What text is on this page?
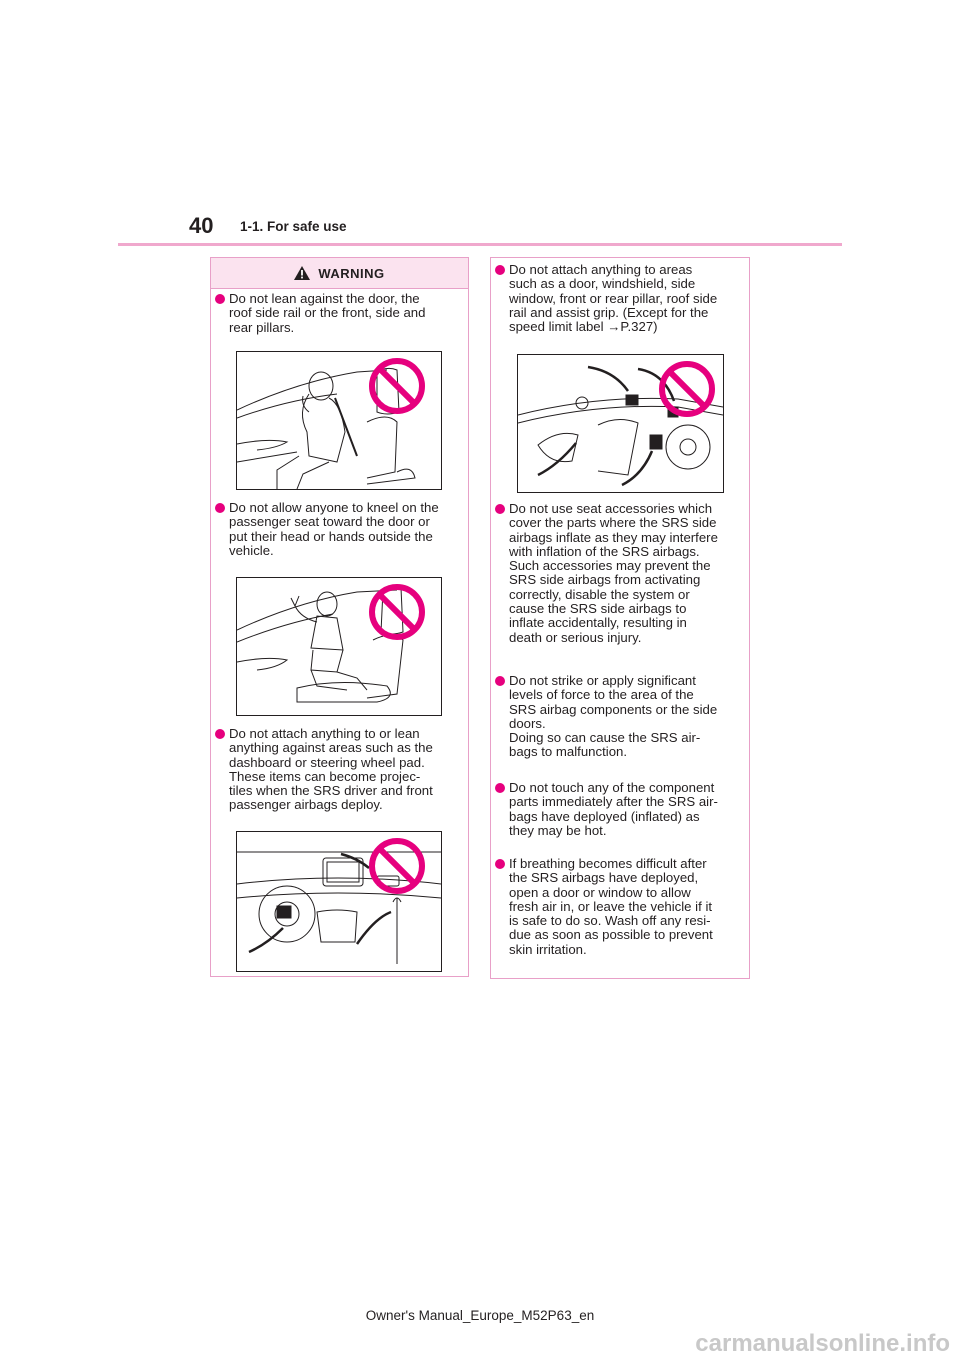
40 1-1. For safe use
WARNING
Do not lean against the door, the
roof side rail or the front, side and
rear pillars.
Do not allow anyone to kneel on the
passenger seat toward the door or
put their head or hands outside the
vehicle.
Do not attach anything to or lean
anything against areas such as the
dashboard or steering wheel pad.
These items can become projec-
tiles when the SRS driver and front
passenger airbags deploy.
Do not attach anything to areas
such as a door, windshield, side
window, front or rear pillar, roof side
rail and assist grip. (Except for the
speed limit label →P.327)
Do not use seat accessories which
cover the parts where the SRS side
airbags inflate as they may interfere
with inflation of the SRS airbags.
Such accessories may prevent the
SRS side airbags from activating
correctly, disable the system or
cause the SRS side airbags to
inflate accidentally, resulting in
death or serious injury.
Do not strike or apply significant
levels of force to the area of the
SRS airbag components or the side
doors.
Doing so can cause the SRS air-
bags to malfunction.
Do not touch any of the component
parts immediately after the SRS air-
bags have deployed (inflated) as
they may be hot.
If breathing becomes difficult after
the SRS airbags have deployed,
open a door or window to allow
fresh air in, or leave the vehicle if it
is safe to do so. Wash off any resi-
due as soon as possible to prevent
skin irritation.
Owner's Manual_Europe_M52P63_en
carmanualsonline.info
